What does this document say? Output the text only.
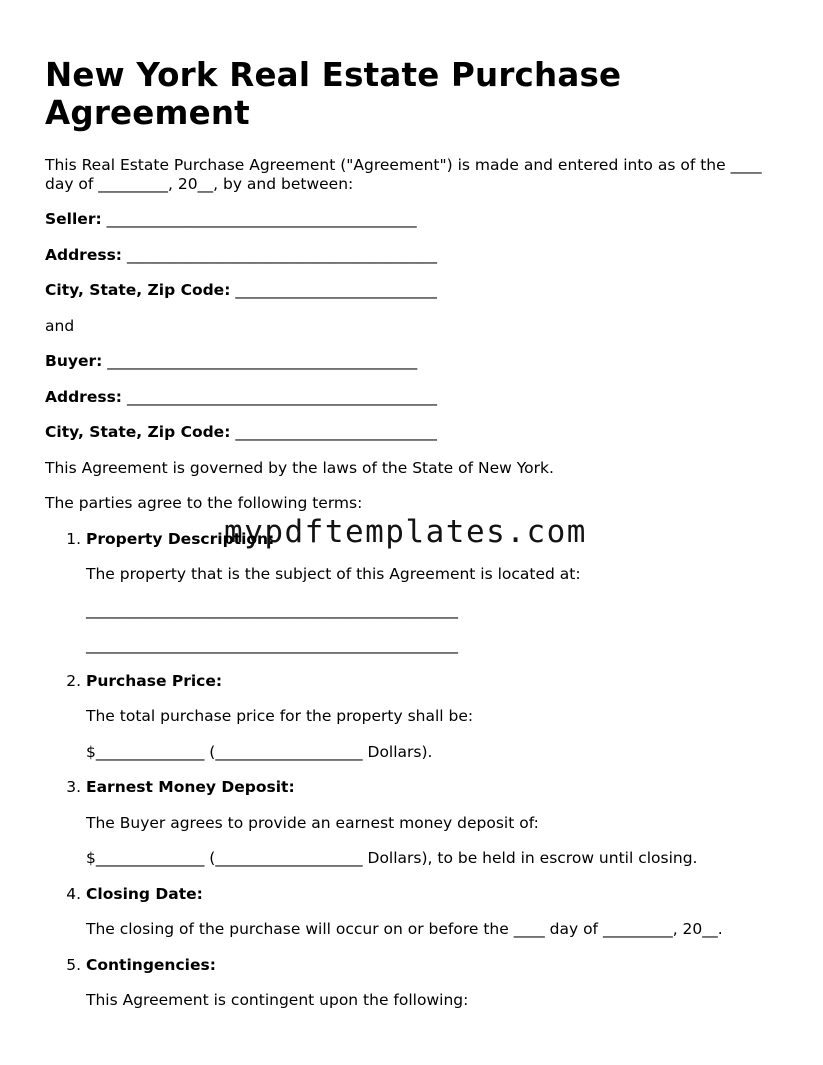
New York Real Estate Purchase Agreement

This Real Estate Purchase Agreement ("Agreement") is made and entered into as of the ____ day of _________, 20__, by and between:

Seller: ________________________________________

Address: ________________________________________

City, State, Zip Code: __________________________

and

Buyer: ________________________________________

Address: ________________________________________

City, State, Zip Code: __________________________

This Agreement is governed by the laws of the State of New York.

The parties agree to the following terms:

1. Property Description:

The property that is the subject of this Agreement is located at:

________________________________________________

________________________________________________

2. Purchase Price:

The total purchase price for the property shall be:

$______________ (___________________ Dollars).

3. Earnest Money Deposit:

The Buyer agrees to provide an earnest money deposit of:

$______________ (___________________ Dollars), to be held in escrow until closing.

4. Closing Date:

The closing of the purchase will occur on or before the ____ day of _________, 20__.

5. Contingencies:

This Agreement is contingent upon the following:

mypdftemplates.com
